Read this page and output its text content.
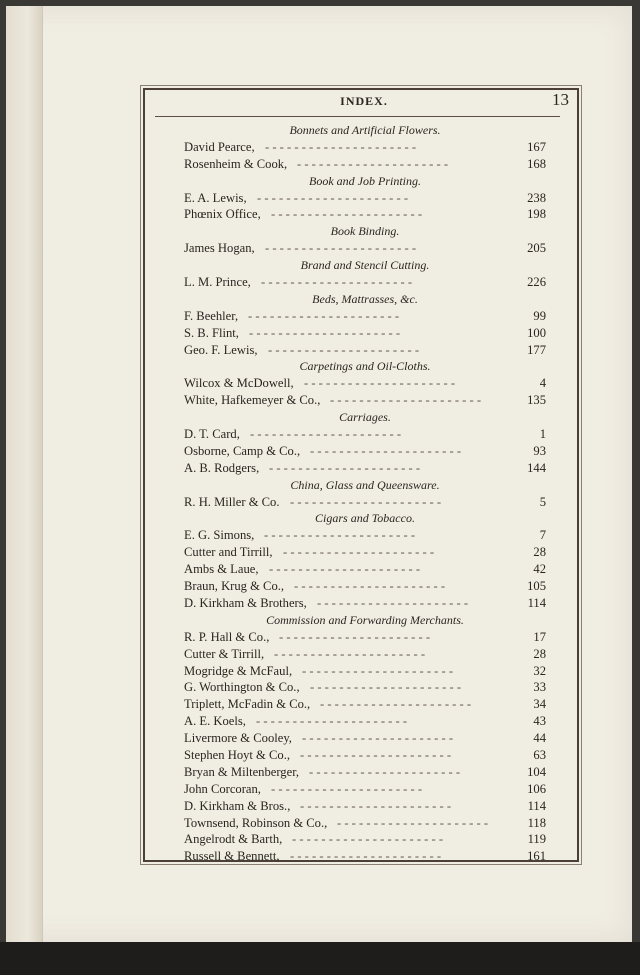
INDEX.	13
Bonnets and Artificial Flowers.
David Pearce, - - - - - - - - - - - - - - - - - - - - -	167
Rosenheim & Cook, - - - - - - - - - - - - - - - - - - - - -	168
Book and Job Printing.
E. A. Lewis, - - - - - - - - - - - - - - - - - - - - -	238
Phœnix Office, - - - - - - - - - - - - - - - - - - - - -	198
Book Binding.
James Hogan, - - - - - - - - - - - - - - - - - - - - -	205
Brand and Stencil Cutting.
L. M. Prince, - - - - - - - - - - - - - - - - - - - - -	226
Beds, Mattrasses, &c.
F. Beehler, - - - - - - - - - - - - - - - - - - - - -	99
S. B. Flint, - - - - - - - - - - - - - - - - - - - - -	100
Geo. F. Lewis, - - - - - - - - - - - - - - - - - - - - -	177
Carpetings and Oil-Cloths.
Wilcox & McDowell, - - - - - - - - - - - - - - - - - - - - -	4
White, Hafkemeyer & Co., - - - - - - - - - - - - - - - - - - - - -	135
Carriages.
D. T. Card, - - - - - - - - - - - - - - - - - - - - -	1
Osborne, Camp & Co., - - - - - - - - - - - - - - - - - - - - -	93
A. B. Rodgers, - - - - - - - - - - - - - - - - - - - - -	144
China, Glass and Queensware.
R. H. Miller & Co. - - - - - - - - - - - - - - - - - - - - -	5
Cigars and Tobacco.
E. G. Simons, - - - - - - - - - - - - - - - - - - - - -	7
Cutter and Tirrill, - - - - - - - - - - - - - - - - - - - - -	28
Ambs & Laue, - - - - - - - - - - - - - - - - - - - - -	42
Braun, Krug & Co., - - - - - - - - - - - - - - - - - - - - -	105
D. Kirkham & Brothers, - - - - - - - - - - - - - - - - - - - - -	114
Commission and Forwarding Merchants.
R. P. Hall & Co., - - - - - - - - - - - - - - - - - - - - -	17
Cutter & Tirrill, - - - - - - - - - - - - - - - - - - - - -	28
Mogridge & McFaul, - - - - - - - - - - - - - - - - - - - - -	32
G. Worthington & Co., - - - - - - - - - - - - - - - - - - - - -	33
Triplett, McFadin & Co., - - - - - - - - - - - - - - - - - - - - -	34
A. E. Koels, - - - - - - - - - - - - - - - - - - - - -	43
Livermore & Cooley, - - - - - - - - - - - - - - - - - - - - -	44
Stephen Hoyt & Co., - - - - - - - - - - - - - - - - - - - - -	63
Bryan & Miltenberger, - - - - - - - - - - - - - - - - - - - - -	104
John Corcoran, - - - - - - - - - - - - - - - - - - - - -	106
D. Kirkham & Bros., - - - - - - - - - - - - - - - - - - - - -	114
Townsend, Robinson & Co., - - - - - - - - - - - - - - - - - - - - -	118
Angelrodt & Barth, - - - - - - - - - - - - - - - - - - - - -	119
Russell & Bennett, - - - - - - - - - - - - - - - - - - - - -	161
